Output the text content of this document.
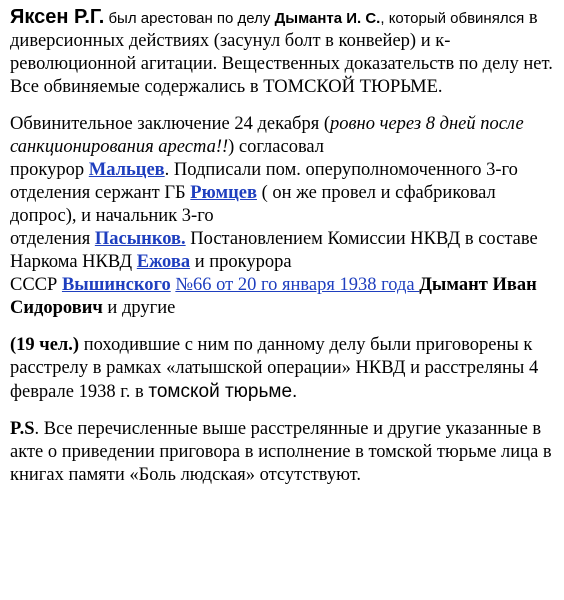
Яксен Р.Г. был арестован по делу Дыманта И. С., который обвинялся в диверсионных действиях (засунул болт в конвейер) и к-революционной агитации. Вещественных доказательств по делу нет. Все обвиняемые содержались в ТОМСКОЙ ТЮРЬМЕ.

Обвинительное заключение 24 декабря (ровно через 8 дней после санкционирования ареста!!) согласовал
прокурор Мальцев. Подписали пом. оперуполномоченного 3-го отделения сержант ГБ Рюмцев ( он же провел и сфабриковал допрос), и начальник 3-го
отделения Пасынков. Постановлением Комиссии НКВД в составе Наркома НКВД Ежова и прокурора
СССР Вышинского №66 от 20 го января 1938 года Дымант Иван Сидорович и другие

(19 чел.) походившие с ним по данному делу были приговорены к расстрелу в рамках «латышской операции» НКВД и расстреляны 4 феврале 1938 г. в томской тюрьме.

P.S. Все перечисленные выше расстрелянные и другие указанные в акте о приведении приговора в исполнение в томской тюрьме лица в книгах памяти «Боль людская» отсутствуют.
